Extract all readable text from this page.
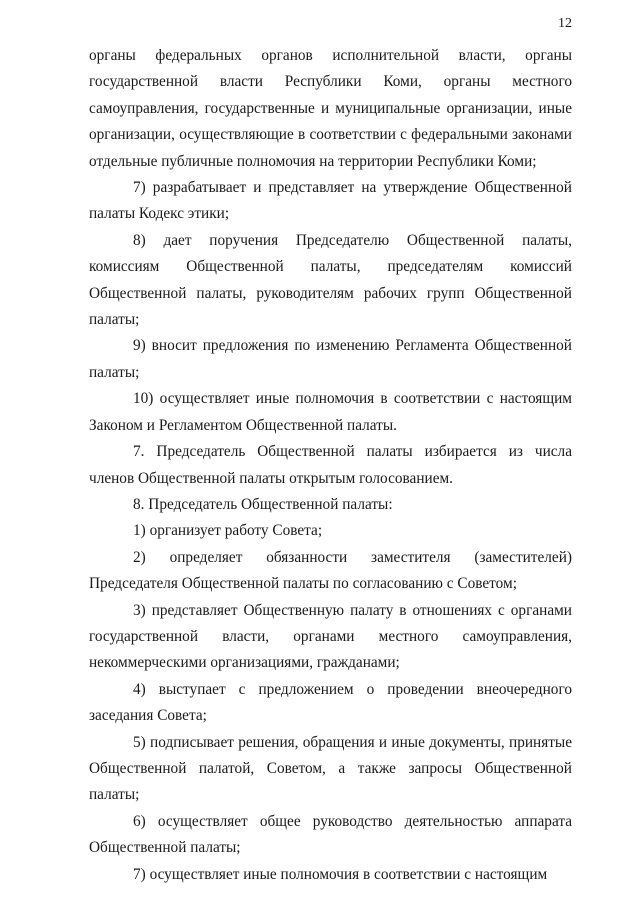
12

органы федеральных органов исполнительной власти, органы государственной власти Республики Коми, органы местного самоуправления, государственные и муниципальные организации, иные организации, осуществляющие в соответствии с федеральными законами отдельные публичные полномочия на территории Республики Коми;

7) разрабатывает и представляет на утверждение Общественной палаты Кодекс этики;

8) дает поручения Председателю Общественной палаты, комиссиям Общественной палаты, председателям комиссий Общественной палаты, руководителям рабочих групп Общественной палаты;

9) вносит предложения по изменению Регламента Общественной палаты;

10) осуществляет иные полномочия в соответствии с настоящим Законом и Регламентом Общественной палаты.

7. Председатель Общественной палаты избирается из числа членов Общественной палаты открытым голосованием.

8. Председатель Общественной палаты:

1) организует работу Совета;

2) определяет обязанности заместителя (заместителей) Председателя Общественной палаты по согласованию с Советом;

3) представляет Общественную палату в отношениях с органами государственной власти, органами местного самоуправления, некоммерческими организациями, гражданами;

4) выступает с предложением о проведении внеочередного заседания Совета;

5) подписывает решения, обращения и иные документы, принятые Общественной палатой, Советом, а также запросы Общественной палаты;

6) осуществляет общее руководство деятельностью аппарата Общественной палаты;

7) осуществляет иные полномочия в соответствии с настоящим
